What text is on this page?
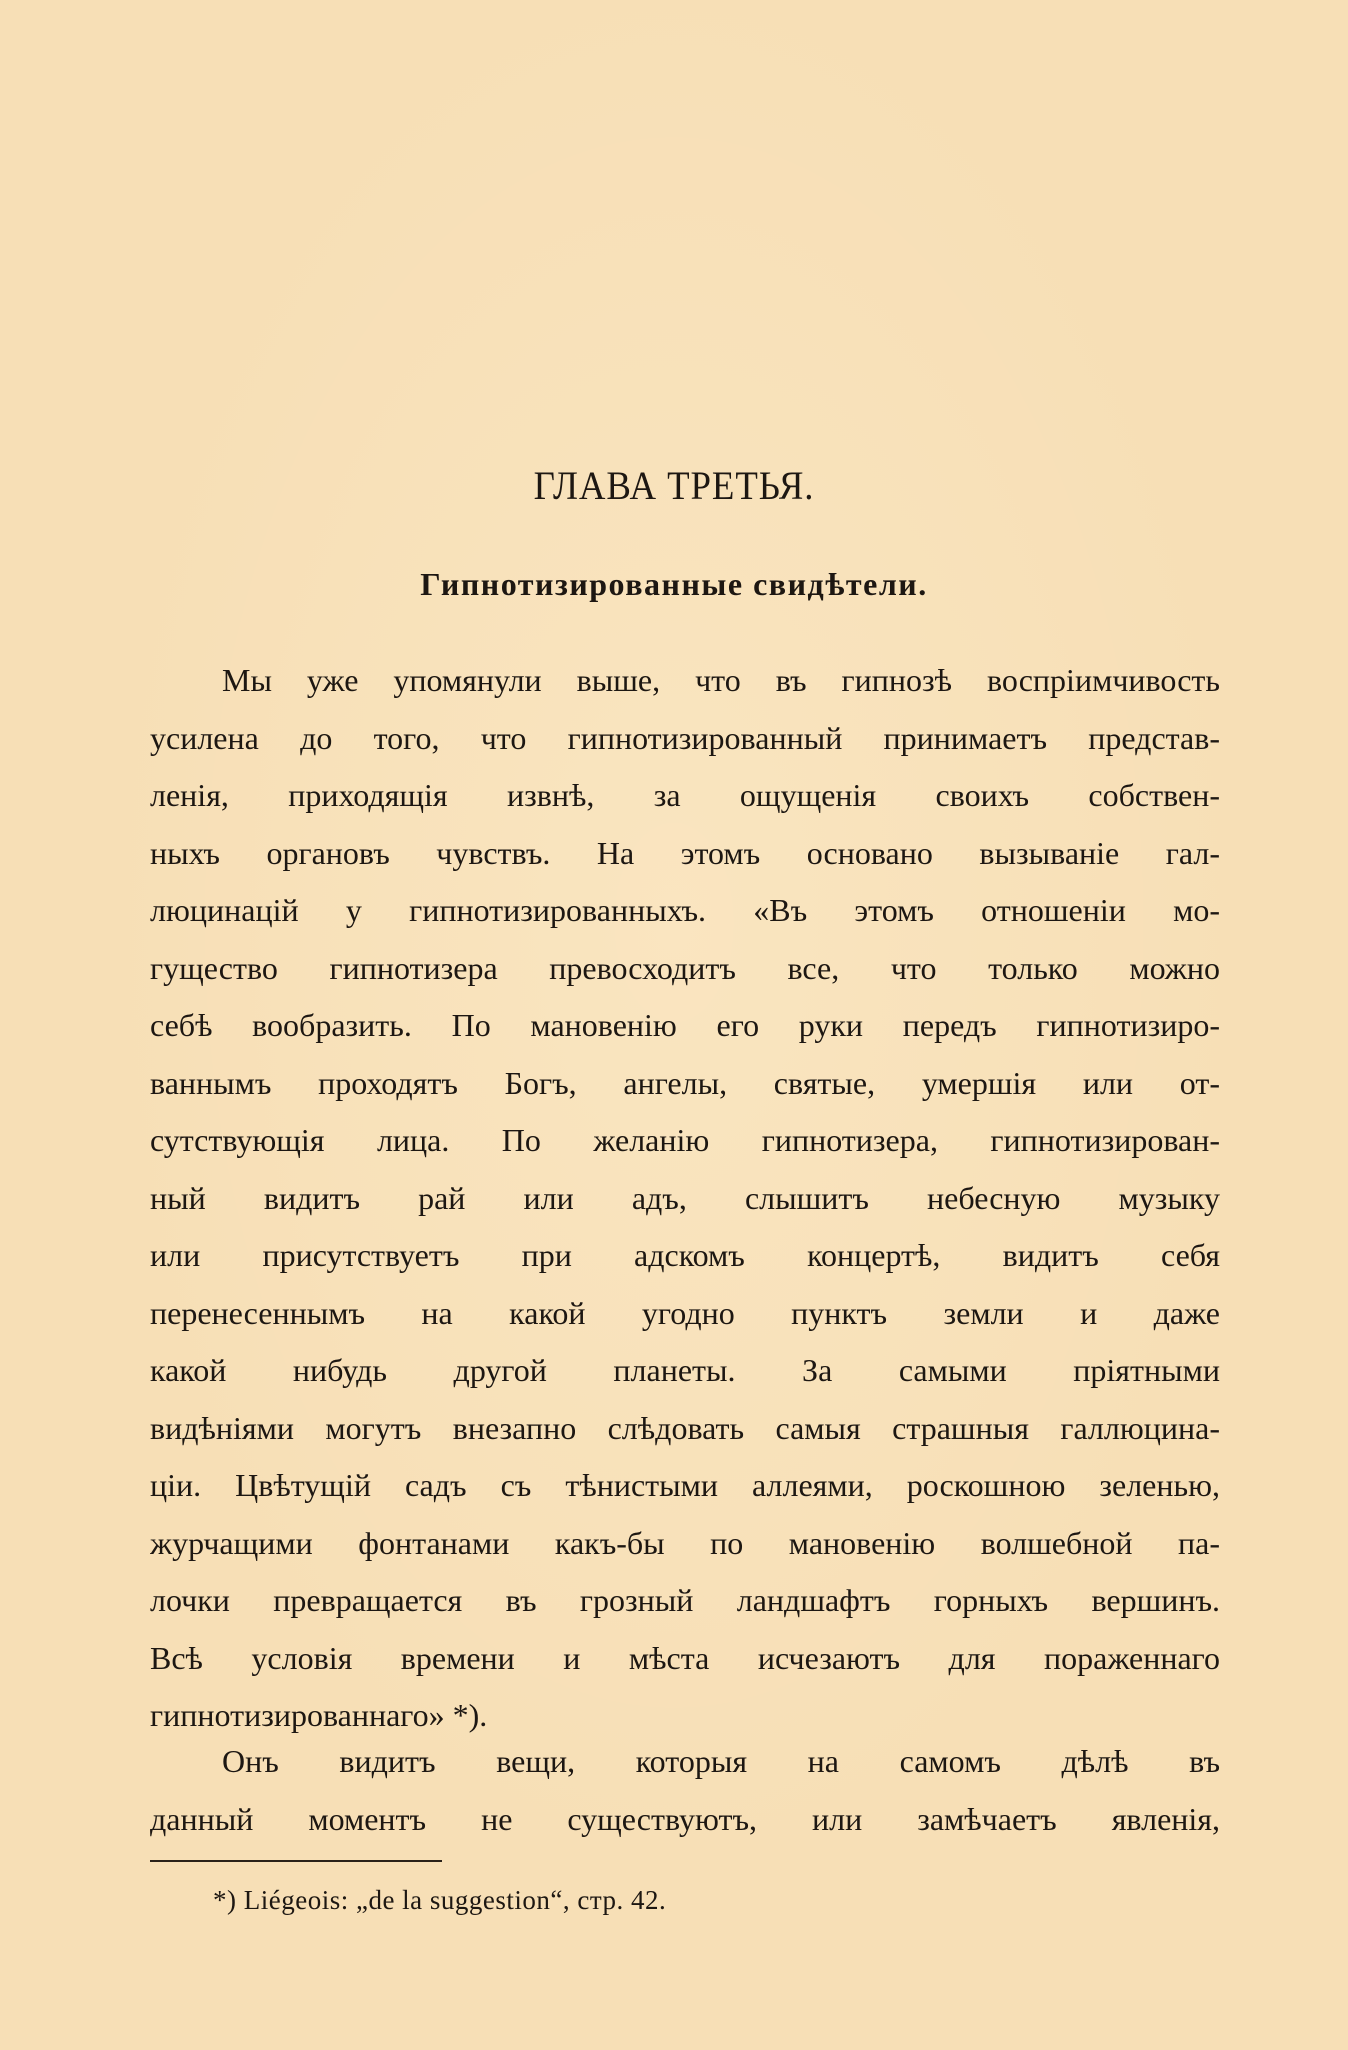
ГЛАВА ТРЕТЬЯ.
Гипнотизированные свидѣтели.
Мы уже упомянули выше, что въ гипнозѣ воспріимчивость
усилена до того, что гипнотизированный принимаетъ представ-
ленія, приходящія извнѣ, за ощущенія своихъ собствен-
ныхъ органовъ чувствъ. На этомъ основано вызываніе гал-
люцинацій у гипнотизированныхъ. «Въ этомъ отношеніи мо-
гущество гипнотизера превосходитъ все, что только можно
себѣ вообразить. По мановенію его руки передъ гипнотизиро-
ваннымъ проходятъ Богъ, ангелы, святые, умершія или от-
сутствующія лица. По желанію гипнотизера, гипнотизирован-
ный видитъ рай или адъ, слышитъ небесную музыку
или присутствуетъ при адскомъ концертѣ, видитъ себя
перенесеннымъ на какой угодно пунктъ земли и даже
какой нибудь другой планеты. За самыми пріятными
видѣніями могутъ внезапно слѣдовать самыя страшныя галлюцина-
ціи. Цвѣтущій садъ съ тѣнистыми аллеями, роскошною зеленью,
журчащими фонтанами какъ-бы по мановенію волшебной па-
лочки превращается въ грозный ландшафтъ горныхъ вершинъ.
Всѣ условія времени и мѣста исчезаютъ для пораженнаго
гипнотизированнаго» *).
Онъ видитъ вещи, которыя на самомъ дѣлѣ въ
данный моментъ не существуютъ, или замѣчаетъ явленія,
*) Liégeois: „de la suggestion“, стр. 42.
